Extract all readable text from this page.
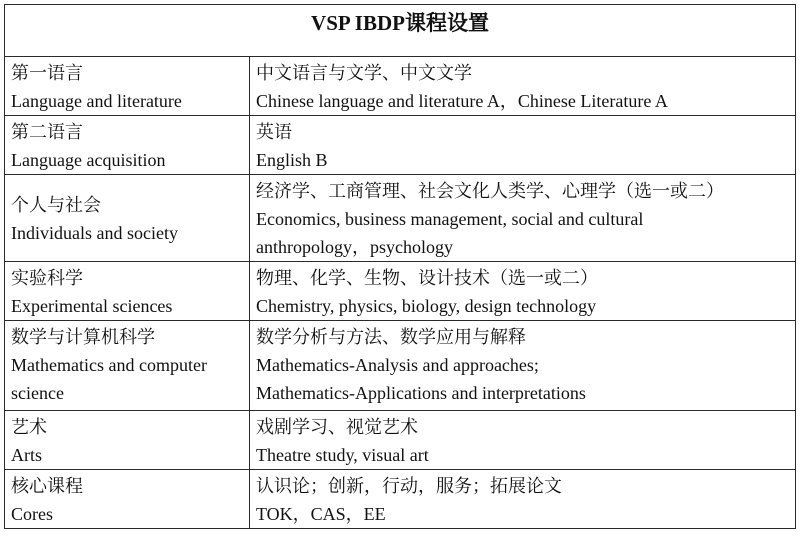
VSP IBDP课程设置	

第一语言
Language and literature	中文语言与文学、中文文学
Chinese language and literature A，Chinese Literature A

第二语言
Language acquisition	英语
English B

个人与社会
Individuals and society	经济学、工商管理、社会文化人类学、心理学（选一或二）
Economics, business management, social and cultural
anthropology，psychology

实验科学
Experimental sciences	物理、化学、生物、设计技术（选一或二）
Chemistry, physics, biology, design technology

数学与计算机科学
Mathematics and computer
science	数学分析与方法、数学应用与解释
Mathematics-Analysis and approaches;
Mathematics-Applications and interpretations

艺术
Arts	戏剧学习、视觉艺术
Theatre study, visual art

核心课程
Cores	认识论；创新，行动，服务；拓展论文
TOK，CAS，EE
